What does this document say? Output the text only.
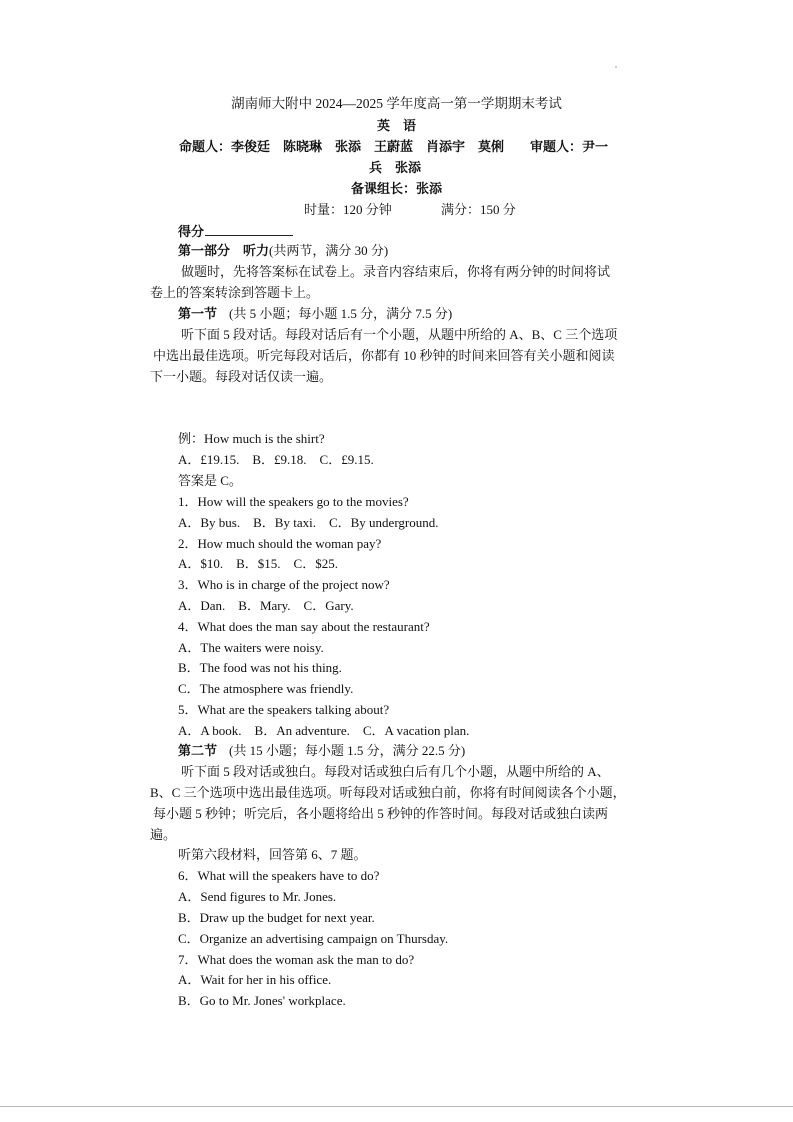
湖南师大附中 2024—2025 学年度高一第一学期期末考试
英　语
命题人：李俊廷　陈晓琳　张添　王蔚蓝　肖添宇　莫俐　　审题人：尹一
兵　张添
备课组长：张添
时量：120 分钟	满分：150 分
得分
第一部分　听力(共两节，满分 30 分)
做题时，先将答案标在试卷上。录音内容结束后，你将有两分钟的时间将试
卷上的答案转涂到答题卡上。
第一节 (共 5 小题；每小题 1.5 分，满分 7.5 分)
听下面 5 段对话。每段对话后有一个小题，从题中所给的 A、B、C 三个选项
中选出最佳选项。听完每段对话后，你都有 10 秒钟的时间来回答有关小题和阅读
下一小题。每段对话仅读一遍。
例：How much is the shirt?
A．£19.15.　B．£9.18.　C．£9.15.
答案是 C。
1．How will the speakers go to the movies?
A．By bus.　B．By taxi.　C．By underground.
2．How much should the woman pay?
A．$10.　B．$15.　C．$25.
3．Who is in charge of the project now?
A．Dan.　B．Mary.　C．Gary.
4．What does the man say about the restaurant?
A．The waiters were noisy.
B．The food was not his thing.
C．The atmosphere was friendly.
5．What are the speakers talking about?
A．A book.　B．An adventure.　C．A vacation plan.
第二节 (共 15 小题；每小题 1.5 分，满分 22.5 分)
听下面 5 段对话或独白。每段对话或独白后有几个小题，从题中所给的 A、
B、C 三个选项中选出最佳选项。听每段对话或独白前，你将有时间阅读各个小题，
每小题 5 秒钟；听完后，各小题将给出 5 秒钟的作答时间。每段对话或独白读两
遍。
听第六段材料，回答第 6、7 题。
6．What will the speakers have to do?
A．Send figures to Mr. Jones.
B．Draw up the budget for next year.
C．Organize an advertising campaign on Thursday.
7．What does the woman ask the man to do?
A．Wait for her in his office.
B．Go to Mr. Jones' workplace.
